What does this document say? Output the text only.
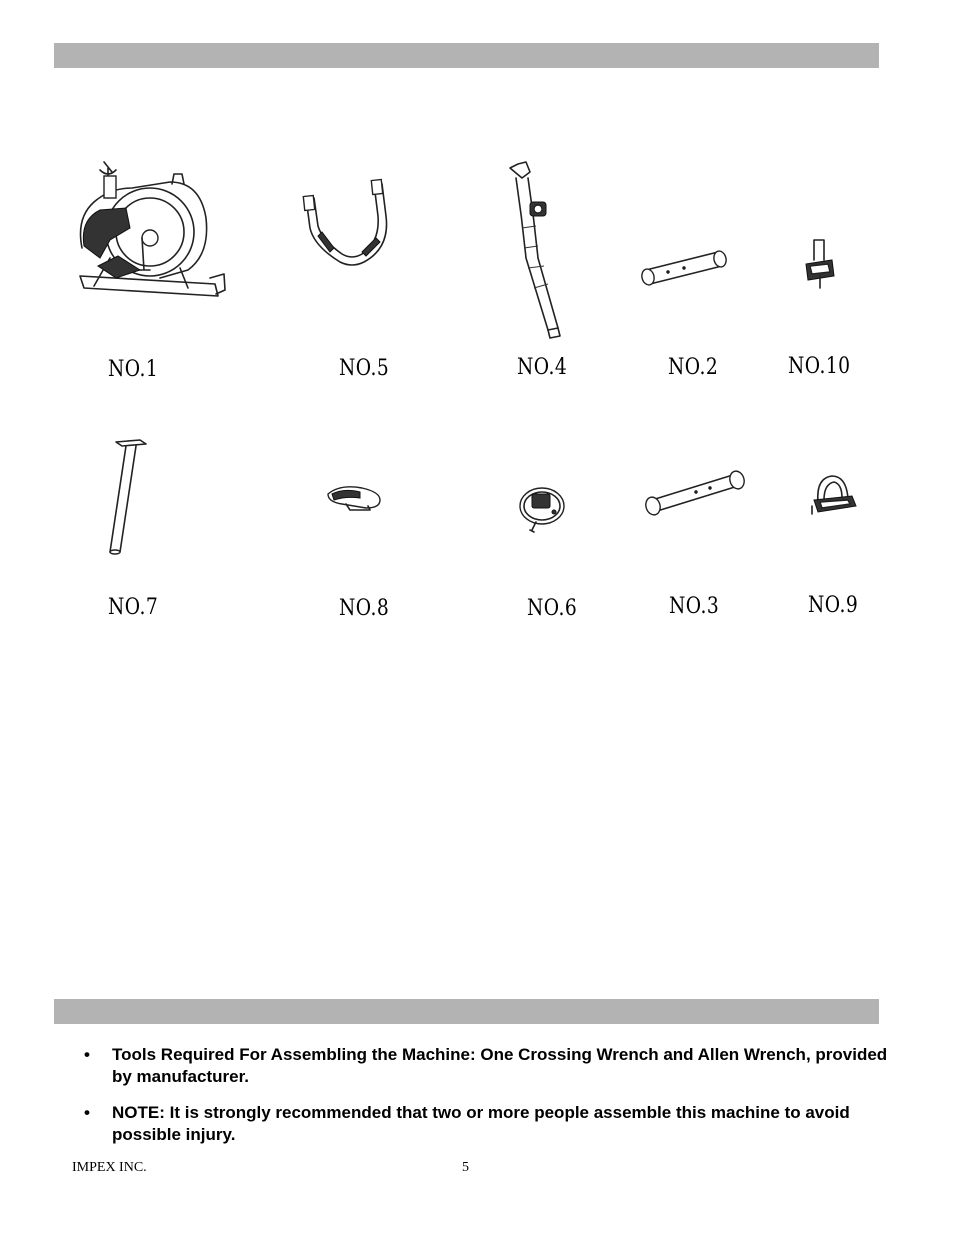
NO.1	NO.5	NO.4	NO.2	NO.10
NO.7	NO.8	NO.6	NO.3	NO.9
• Tools Required For Assembling the Machine: One Crossing Wrench and Allen Wrench, provided by manufacturer.
• NOTE: It is strongly recommended that two or more people assemble this machine to avoid possible injury.
IMPEX INC.	5
